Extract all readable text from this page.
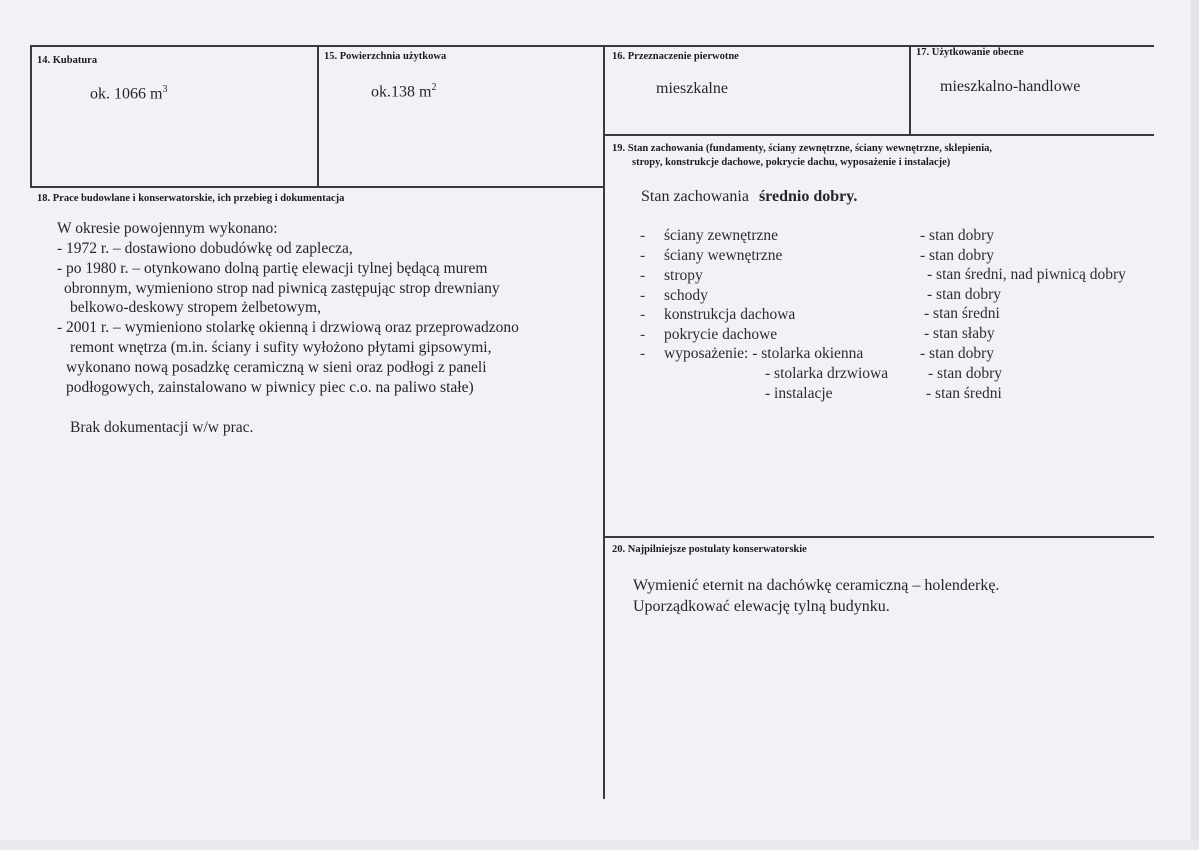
14. Kubatura
ok. 1066 $m^3$
15. Powierzchnia użytkowa
ok.138 $m^2$
16. Przeznaczenie pierwotne
mieszkalne
17. Użytkowanie obecne
mieszkalno-handlowe
18. Prace budowlane i konserwatorskie, ich przebieg i dokumentacja
W okresie powojennym wykonano:
- 1972 r. – dostawiono dobudówkę od zaplecza,
- po 1980 r. – otynkowano dolną partię elewacji tylnej będącą murem
obronnym, wymieniono strop nad piwnicą zastępując strop drewniany
belkowo-deskowy stropem żelbetowym,
- 2001 r. – wymieniono stolarkę okienną i drzwiową oraz przeprowadzono
remont wnętrza (m.in. ściany i sufity wyłożono płytami gipsowymi,
wykonano nową posadzkę ceramiczną w sieni oraz podłogi z paneli
podłogowych, zainstalowano w piwnicy piec c.o. na paliwo stałe)
Brak dokumentacji w/w prac.
19. Stan zachowania (fundamenty, ściany zewnętrzne, ściany wewnętrzne, sklepienia,
stropy, konstrukcje dachowe, pokrycie dachu, wyposażenie i instalacje)
Stan zachowania średnio dobry.
- ściany zewnętrzne	- stan dobry
- ściany wewnętrzne	- stan dobry
- stropy	- stan średni, nad piwnicą dobry
- schody	- stan dobry
- konstrukcja dachowa	- stan średni
- pokrycie dachowe	- stan słaby
- wyposażenie: - stolarka okienna	- stan dobry
- stolarka drzwiowa	- stan dobry
- instalacje	- stan średni
20. Najpilniejsze postulaty konserwatorskie
Wymienić eternit na dachówkę ceramiczną – holenderkę.
Uporządkować elewację tylną budynku.
